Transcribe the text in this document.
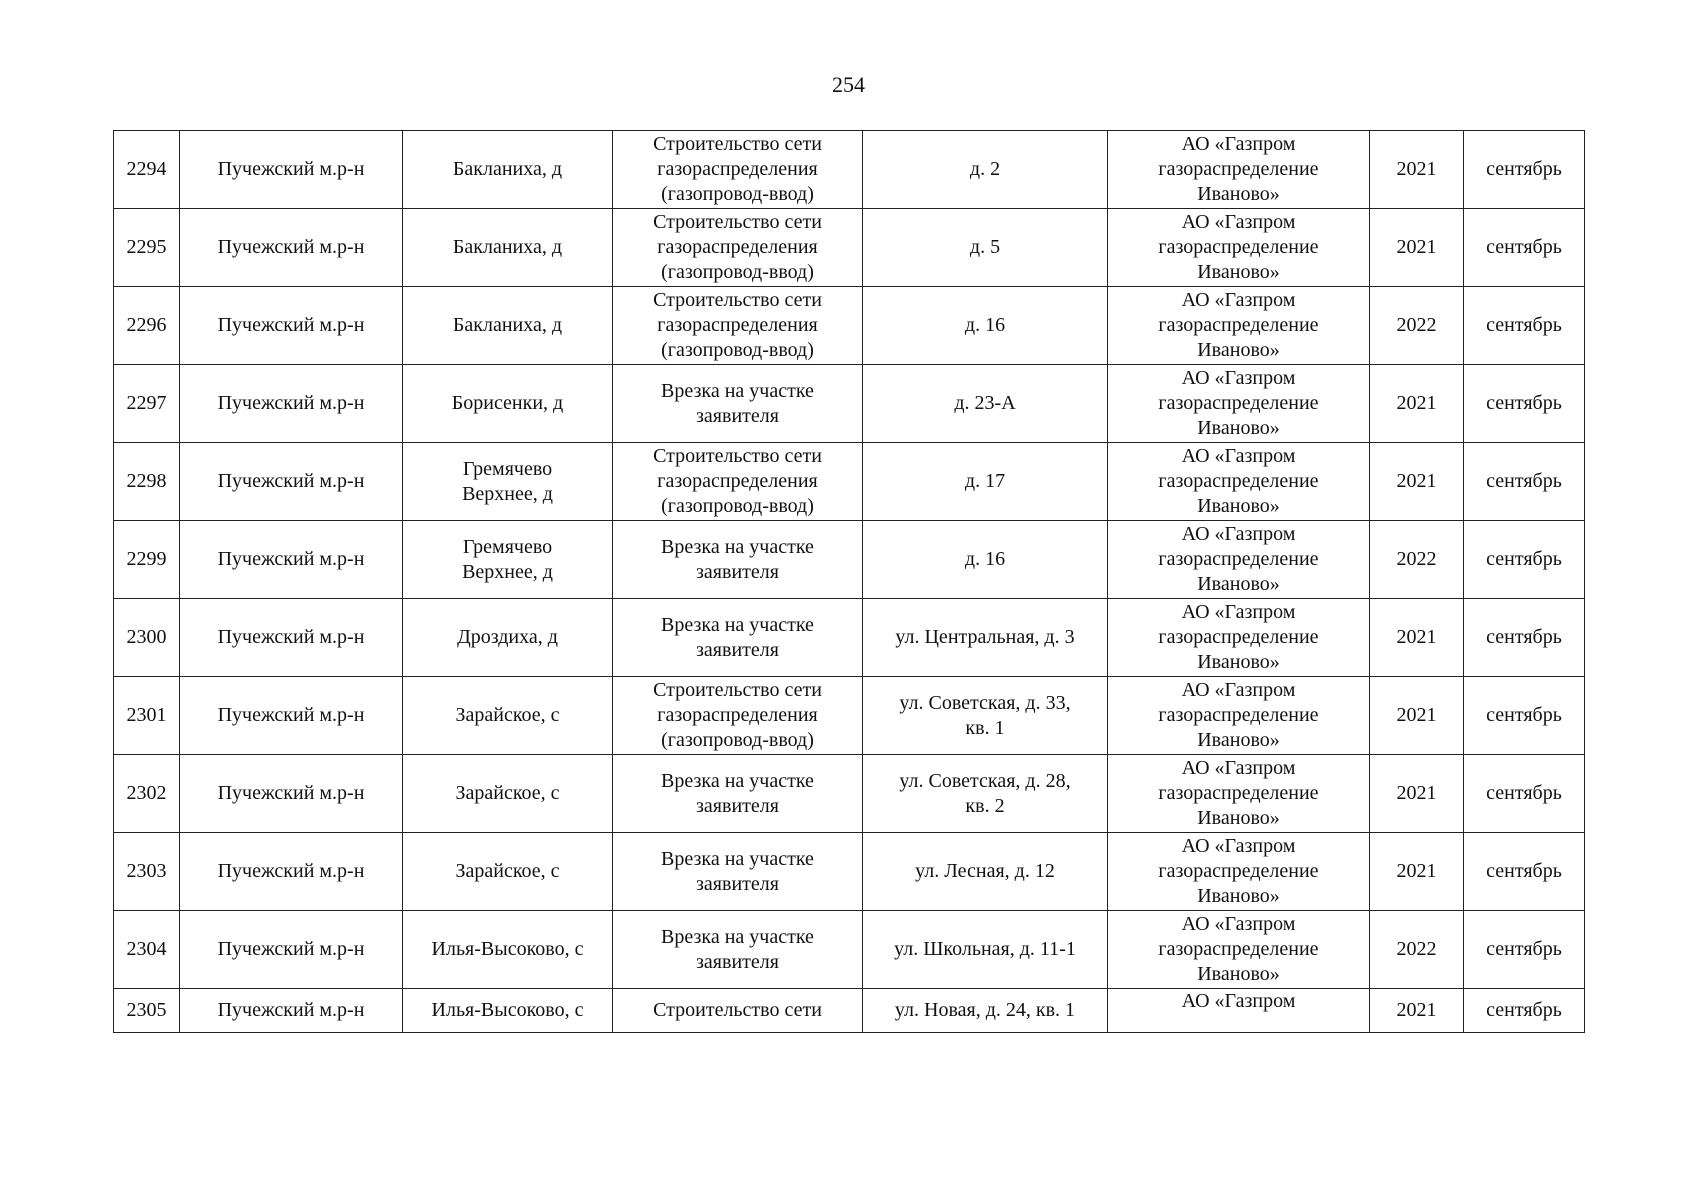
254
2294	Пучежский м.р-н	Бакланиха, д	Строительство сети
газораспределения
(газопровод-ввод)	д. 2	АО «Газпром
газораспределение
Иваново»	2021	сентябрь
2295	Пучежский м.р-н	Бакланиха, д	Строительство сети
газораспределения
(газопровод-ввод)	д. 5	АО «Газпром
газораспределение
Иваново»	2021	сентябрь
2296	Пучежский м.р-н	Бакланиха, д	Строительство сети
газораспределения
(газопровод-ввод)	д. 16	АО «Газпром
газораспределение
Иваново»	2022	сентябрь
2297	Пучежский м.р-н	Борисенки, д	Врезка на участке
заявителя	д. 23-А	АО «Газпром
газораспределение
Иваново»	2021	сентябрь
2298	Пучежский м.р-н	Гремячево
Верхнее, д	Строительство сети
газораспределения
(газопровод-ввод)	д. 17	АО «Газпром
газораспределение
Иваново»	2021	сентябрь
2299	Пучежский м.р-н	Гремячево
Верхнее, д	Врезка на участке
заявителя	д. 16	АО «Газпром
газораспределение
Иваново»	2022	сентябрь
2300	Пучежский м.р-н	Дроздиха, д	Врезка на участке
заявителя	ул. Центральная, д. 3	АО «Газпром
газораспределение
Иваново»	2021	сентябрь
2301	Пучежский м.р-н	Зарайское, с	Строительство сети
газораспределения
(газопровод-ввод)	ул. Советская, д. 33,
кв. 1	АО «Газпром
газораспределение
Иваново»	2021	сентябрь
2302	Пучежский м.р-н	Зарайское, с	Врезка на участке
заявителя	ул. Советская, д. 28,
кв. 2	АО «Газпром
газораспределение
Иваново»	2021	сентябрь
2303	Пучежский м.р-н	Зарайское, с	Врезка на участке
заявителя	ул. Лесная, д. 12	АО «Газпром
газораспределение
Иваново»	2021	сентябрь
2304	Пучежский м.р-н	Илья-Высоково, с	Врезка на участке
заявителя	ул. Школьная, д. 11-1	АО «Газпром
газораспределение
Иваново»	2022	сентябрь
2305	Пучежский м.р-н	Илья-Высоково, с	Строительство сети	ул. Новая, д. 24, кв. 1	АО «Газпром	2021	сентябрь
